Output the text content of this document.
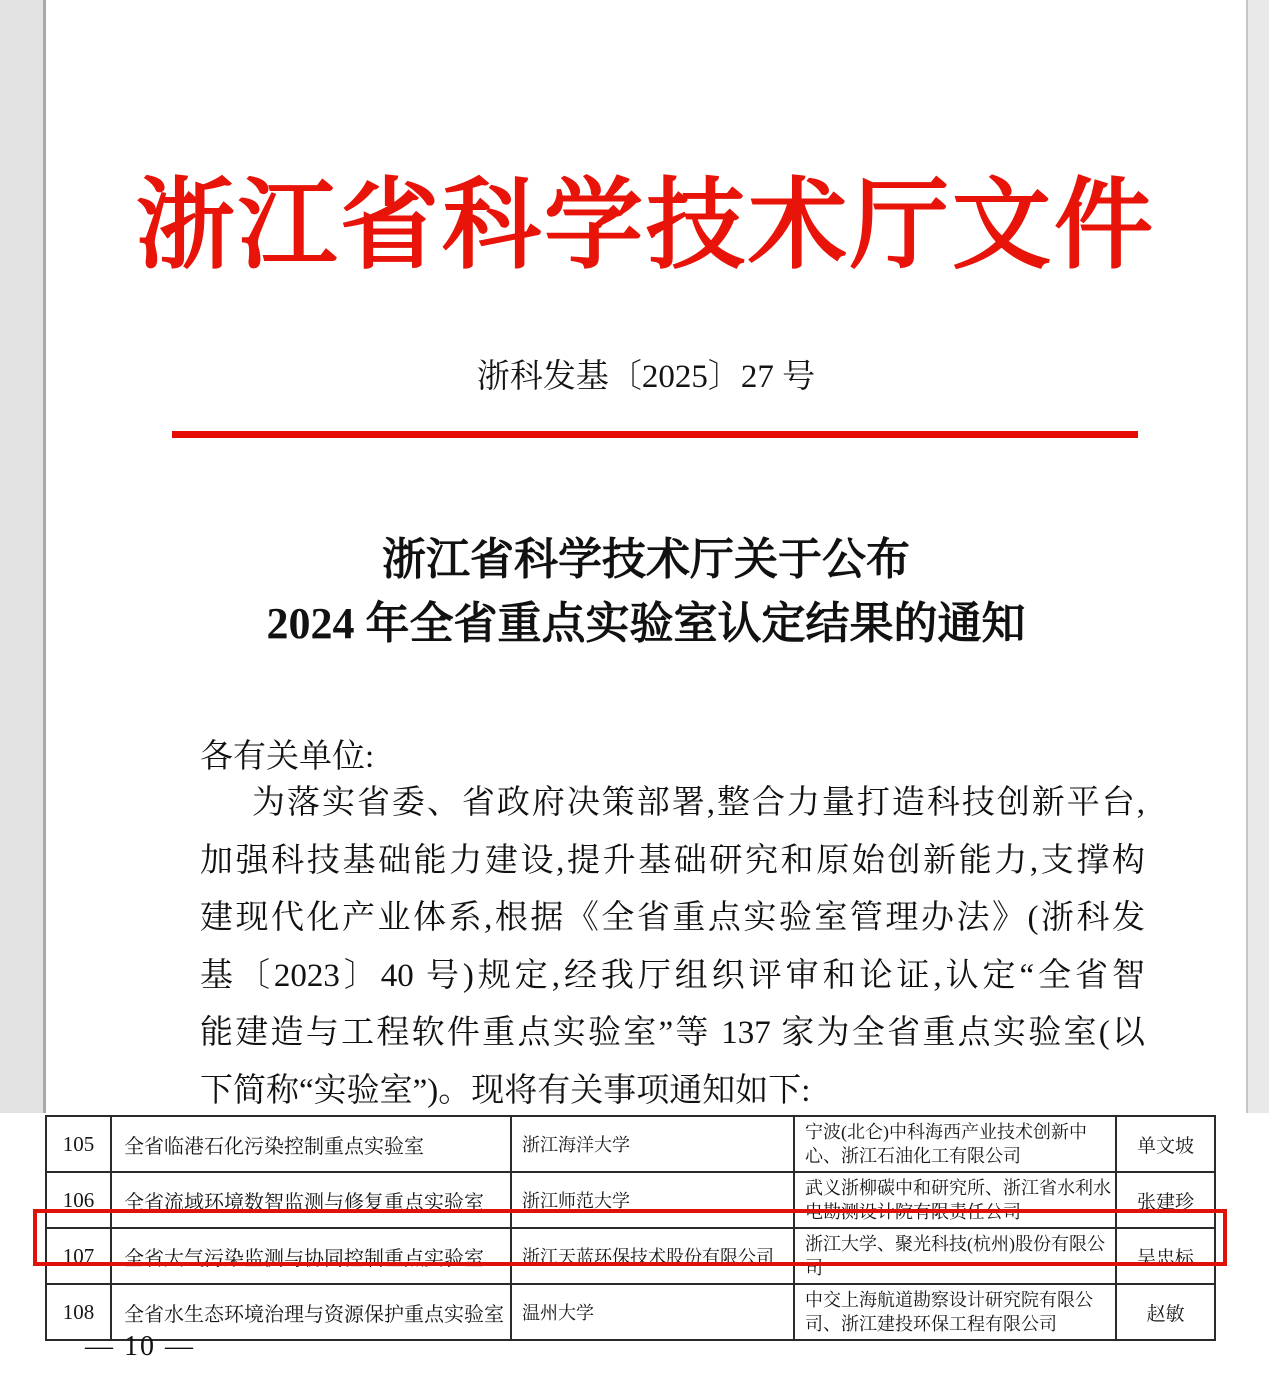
浙江省科学技术厅文件
浙科发基〔2025〕27 号
浙江省科学技术厅关于公布
2024 年全省重点实验室认定结果的通知
各有关单位:
为落实省委、省政府决策部署,整合力量打造科技创新平台,
加强科技基础能力建设,提升基础研究和原始创新能力,支撑构
建现代化产业体系,根据《全省重点实验室管理办法》(浙科发
基〔2023〕40 号)规定,经我厅组织评审和论证,认定“全省智
能建造与工程软件重点实验室”等 137 家为全省重点实验室(以
下简称“实验室”)。现将有关事项通知如下:
105	全省临港石化污染控制重点实验室	浙江海洋大学	宁波(北仑)中科海西产业技术创新中心、浙江石油化工有限公司	单文坡
106	全省流域环境数智监测与修复重点实验室	浙江师范大学	武义浙柳碳中和研究所、浙江省水利水电勘测设计院有限责任公司	张建珍
107	全省大气污染监测与协同控制重点实验室	浙江天蓝环保技术股份有限公司	浙江大学、聚光科技(杭州)股份有限公司	吴忠标
108	全省水生态环境治理与资源保护重点实验室	温州大学	中交上海航道勘察设计研究院有限公司、浙江建投环保工程有限公司	赵敏
— 10 —
